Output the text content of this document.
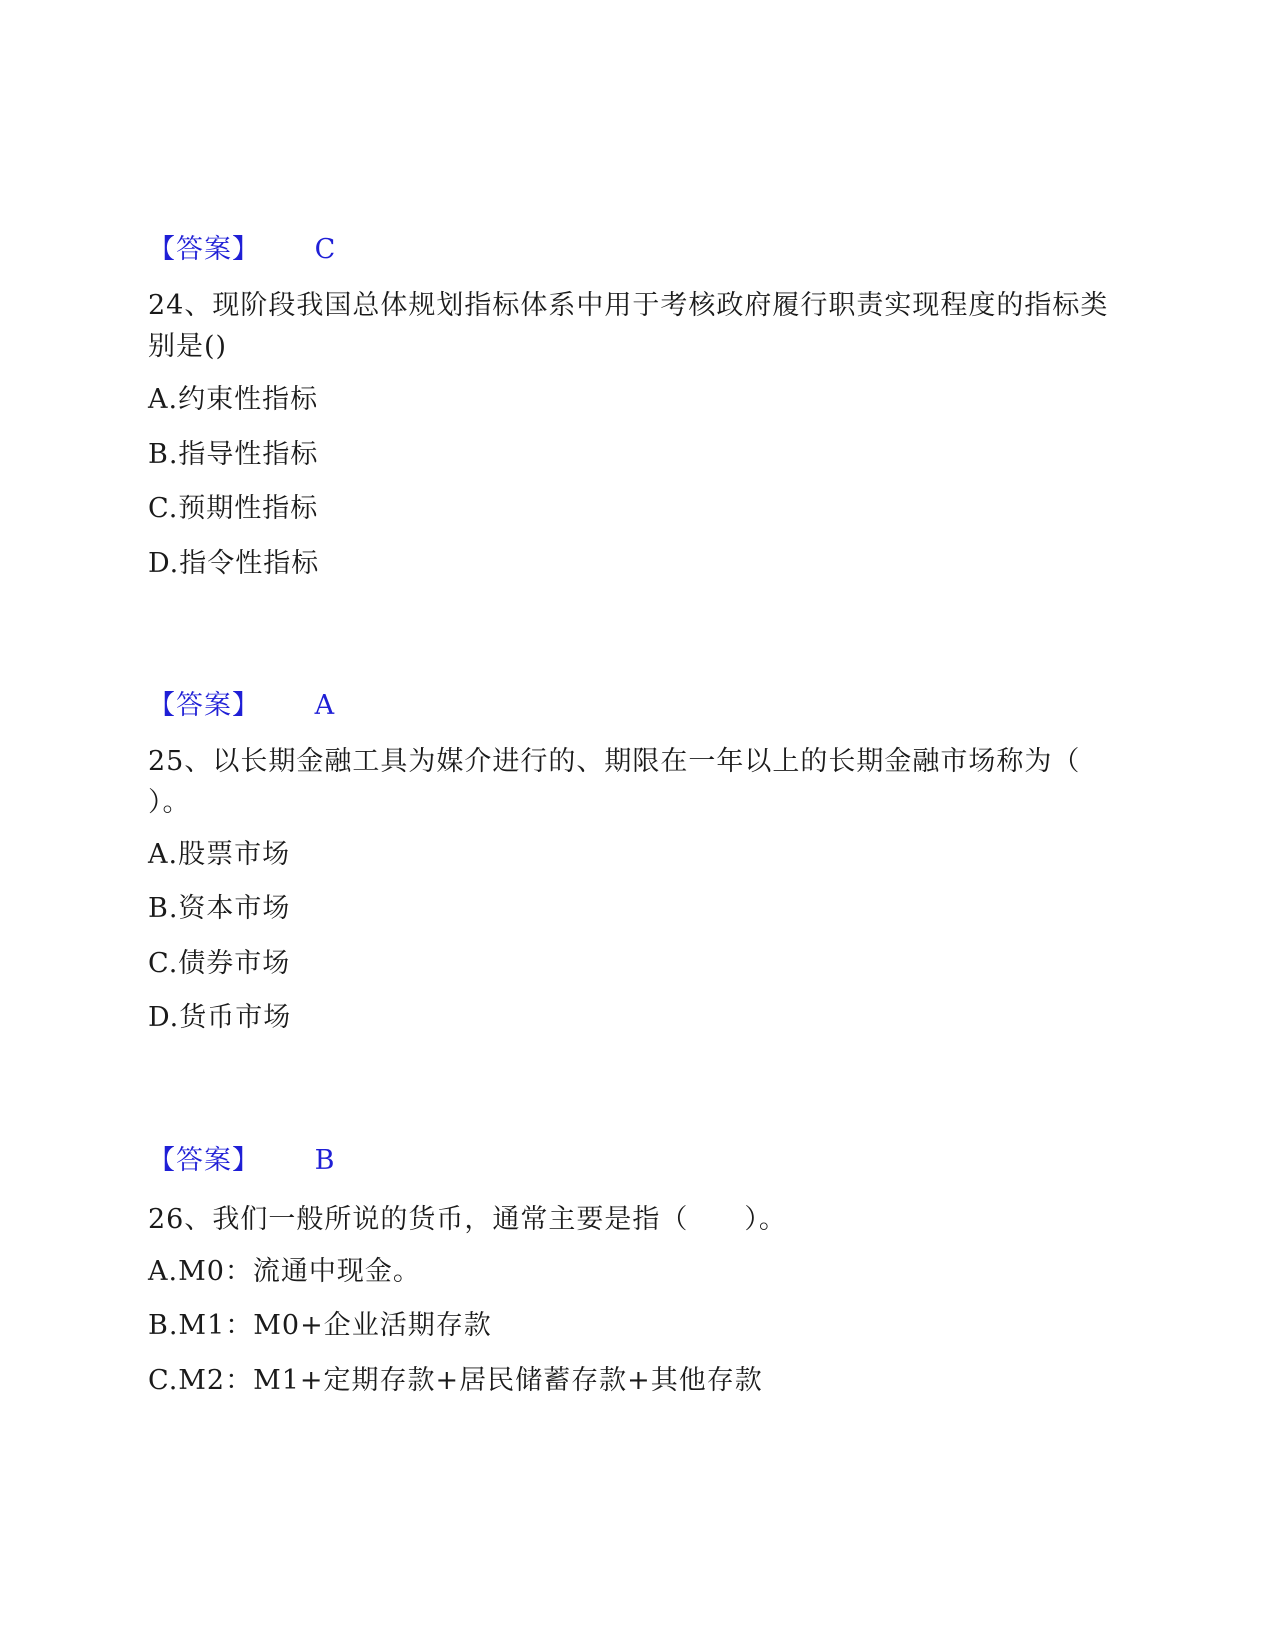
【答案】 C
24、现阶段我国总体规划指标体系中用于考核政府履行职责实现程度的指标类别是()
A.约束性指标
B.指导性指标
C.预期性指标
D.指令性指标
【答案】 A
25、以长期金融工具为媒介进行的、期限在一年以上的长期金融市场称为（ ）。
A.股票市场
B.资本市场
C.债券市场
D.货币市场
【答案】 B
26、我们一般所说的货币，通常主要是指（　　）。
A.M0：流通中现金。
B.M1：M0+企业活期存款
C.M2：M1+定期存款+居民储蓄存款+其他存款
